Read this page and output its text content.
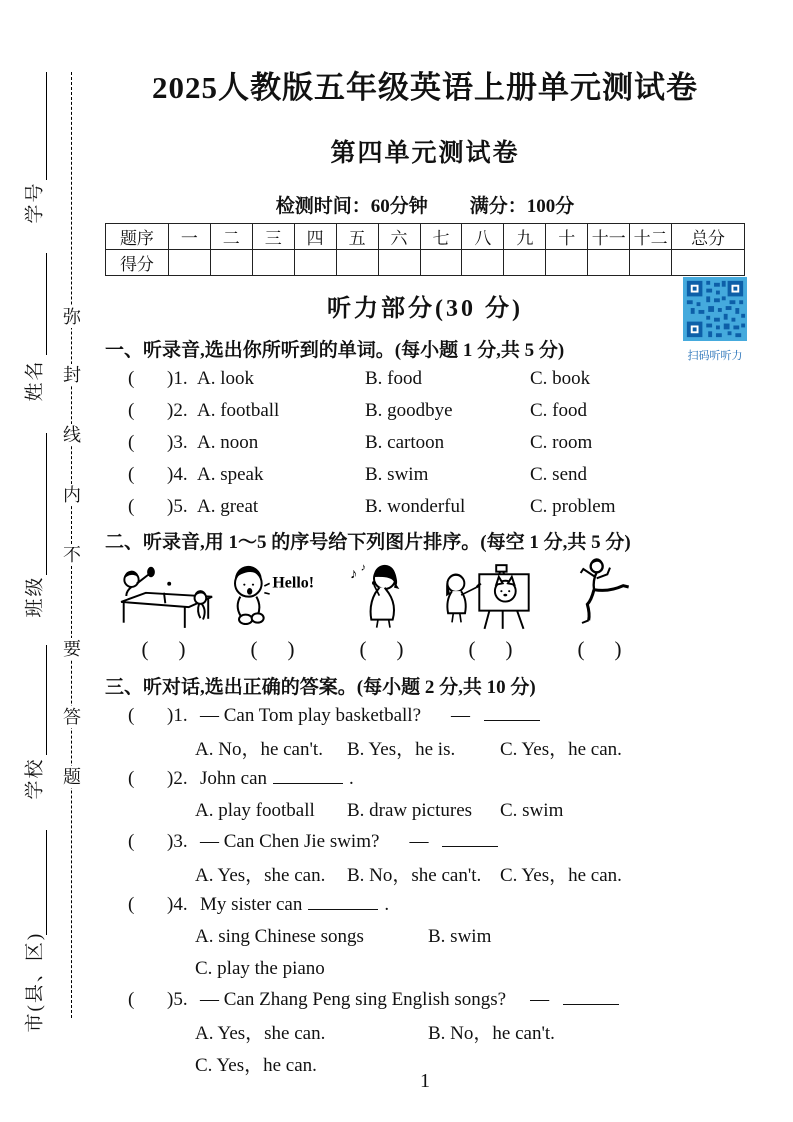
学号
姓名
班级
学校
市(县、区)
弥
封
线
内
不
要
答
题
2025人教版五年级英语上册单元测试卷
第四单元测试卷
检测时间：60分钟 满分：100分
题序	一	二	三	四	五	六	七	八	九	十	十一	十二	总分
得分													
听力部分(30 分)
扫码听听力
一、听录音,选出你所听到的单词。(每小题 1 分,共 5 分)
(	)1. A. look	B. food	C. book
(	)2. A. football	B. goodbye	C. food
(	)3. A. noon	B. cartoon	C. room
(	)4. A. speak	B. swim	C. send
(	)5. A. great	B. wonderful	C. problem
二、听录音,用 1～5 的序号给下列图片排序。(每空 1 分,共 5 分)
( )
Hello!
( )
♪ ♪
( )	( )	( )
三、听对话,选出正确的答案。(每小题 2 分,共 10 分)
(	)1. — Can Tom play basketball? —
A. No，he can't.	B. Yes，he is.	C. Yes，he can.
(	)2. John can	.
A. play football	B. draw pictures	C. swim
(	)3. — Can Chen Jie swim? —
A. Yes，she can.	B. No，she can't. C. Yes，he can.
(	)4. My sister can	.
A. sing Chinese songs	B. swim
C. play the piano
(	)5. — Can Zhang Peng sing English songs? —
A. Yes，she can.	B. No，he can't.
C. Yes，he can.
1
